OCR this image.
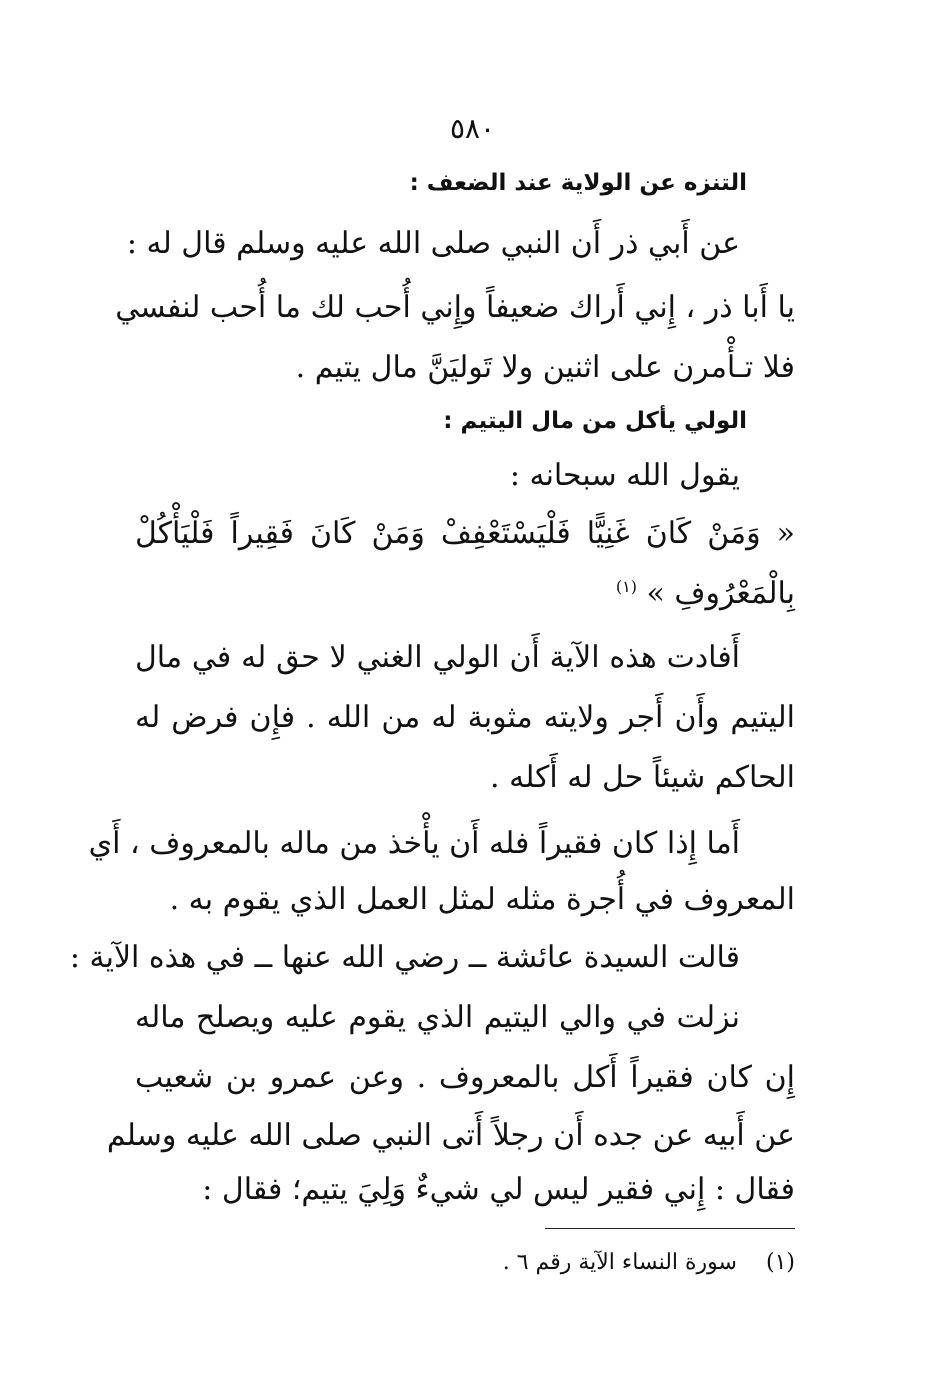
٥٨٠
التنزه عن الولاية عند الضعف :
عن أَبي ذر أَن النبي صلى الله عليه وسلم قال له :
يا أَبا ذر ، إِني أَراك ضعيفاً وإِني أُحب لك ما أُحب لنفسي
فلا تـأْمرن على اثنين ولا تَوليَنَّ مال يتيم .
الولي يأكل من مال اليتيم :
يقول الله سبحانه :
« وَمَنْ كَانَ غَنِيًّا فَلْيَسْتَعْفِفْ وَمَنْ كَانَ فَقِيراً فَلْيَأْكُلْ
بِالْمَعْرُوفِ » $^{(١)}$
أَفادت هذه الآية أَن الولي الغني لا حق له في مال
اليتيم وأَن أَجر ولايته مثوبة له من الله . فإِن فرض له
الحاكم شيئاً حل له أَكله .
أَما إِذا كان فقيراً فله أَن يأْخذ من ماله بالمعروف ، أَي
المعروف في أُجرة مثله لمثل العمل الذي يقوم به .
قالت السيدة عائشة ــ رضي الله عنها ــ في هذه الآية :
نزلت في والي اليتيم الذي يقوم عليه ويصلح ماله
إِن كان فقيراً أَكل بالمعروف . وعن عمرو بن شعيب
عن أَبيه عن جده أَن رجلاً أَتى النبي صلى الله عليه وسلم
فقال : إِني فقير ليس لي شيءٌ وَلِيَ يتيم؛ فقال :
(١) سورة النساء الآية رقم ٦ .
